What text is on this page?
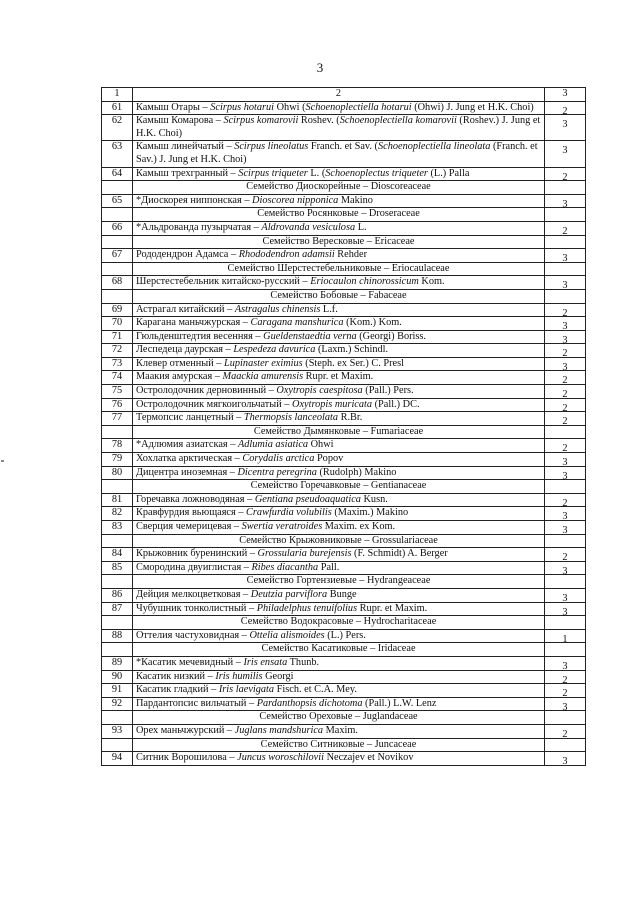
3
1	2	3
61	Камыш Отары – Scirpus hotarui Ohwi (Schoenoplectiella hotarui (Ohwi) J. Jung et H.K. Choi)	2
62	Камыш Комарова – Scirpus komarovii Roshev. (Schoenoplectiella komarovii (Roshev.) J. Jung et H.K. Choi)	3
63	Камыш линейчатый – Scirpus lineolatus Franch. et Sav. (Schoenoplectiella lineolata (Franch. et Sav.) J. Jung et H.K. Choi)	3
64	Камыш трехгранный – Scirpus triqueter L. (Schoenoplectus triqueter (L.) Palla	2
	Семейство Диоскорейные – Dioscoreaceae	
65	*Диоскорея ниппонская – Dioscorea nipponica Makino	3
	Семейство Росянковые – Droseraceae	
66	*Альдрованда пузырчатая – Aldrovanda vesiculosa L.	2
	Семейство Вересковые – Ericaceae	
67	Рододендрон Адамса – Rhododendron adamsii Rehder	3
	Семейство Шерстестебельниковые – Eriocaulaceae	
68	Шерстестебельник китайско-русский – Eriocaulon chinorossicum Kom.	3
	Семейство Бобовые – Fabaceae	
69	Астрагал китайский – Astragalus chinensis L.f.	2
70	Карагана маньчжурская – Caragana manshurica (Kom.) Kom.	3
71	Гюльденштедтия весенняя – Gueldenstaedtia verna (Georgi) Boriss.	3
72	Леспедеца даурская – Lespedeza davurica (Laxm.) Schindl.	2
73	Клевер отменный – Lupinaster eximius (Steph. ex Ser.) C. Presl	3
74	Маакия амурская – Maackia amurensis Rupr. et Maxim.	2
75	Остролодочник дерновинный – Oxytropis caespitosa (Pall.) Pers.	2
76	Остролодочник мягкоигольчатый – Oxytropis muricata (Pall.) DC.	2
77	Термопсис ланцетный – Thermopsis lanceolata R.Br.	2
	Семейство Дымянковые – Fumariaceae	
78	*Адлюмия азиатская – Adlumia asiatica Ohwi	2
79	Хохлатка арктическая – Corydalis arctica Popov	3
80	Дицентра иноземная – Dicentra peregrina (Rudolph) Makino	3
	Семейство Горечавковые – Gentianaceae	
81	Горечавка ложноводяная – Gentiana pseudoaquatica Kusn.	2
82	Кравфурдия вьющаяся – Crawfurdia volubilis (Maxim.) Makino	3
83	Сверция чемерицевая – Swertia veratroides Maxim. ex Kom.	3
	Семейство Крыжовниковые – Grossulariaceae	
84	Крыжовник буренинский – Grossularia burejensis (F. Schmidt) A. Berger	2
85	Смородина двуиглистая – Ribes diacantha Pall.	3
	Семейство Гортензиевые – Hydrangeaceae	
86	Дейция мелкоцветковая – Deutzia parviflora Bunge	3
87	Чубушник тонколистный – Philadelphus tenuifolius Rupr. et Maxim.	3
	Семейство Водокрасовые – Hydrocharitaceae	
88	Оттелия частуховидная – Ottelia alismoides (L.) Pers.	1
	Семейство Касатиковые – Iridaceae	
89	*Касатик мечевидный – Iris ensata Thunb.	3
90	Касатик низкий – Iris humilis Georgi	2
91	Касатик гладкий – Iris laevigata Fisch. et C.A. Mey.	2
92	Пардантопсис вильчатый – Pardanthopsis dichotoma (Pall.) L.W. Lenz	3
	Семейство Ореховые – Juglandaceae	
93	Орех маньчжурский – Juglans mandshurica Maxim.	2
	Семейство Ситниковые – Juncaceae	
94	Ситник Ворошилова – Juncus woroschilovii Neczajev et Novikov	3
